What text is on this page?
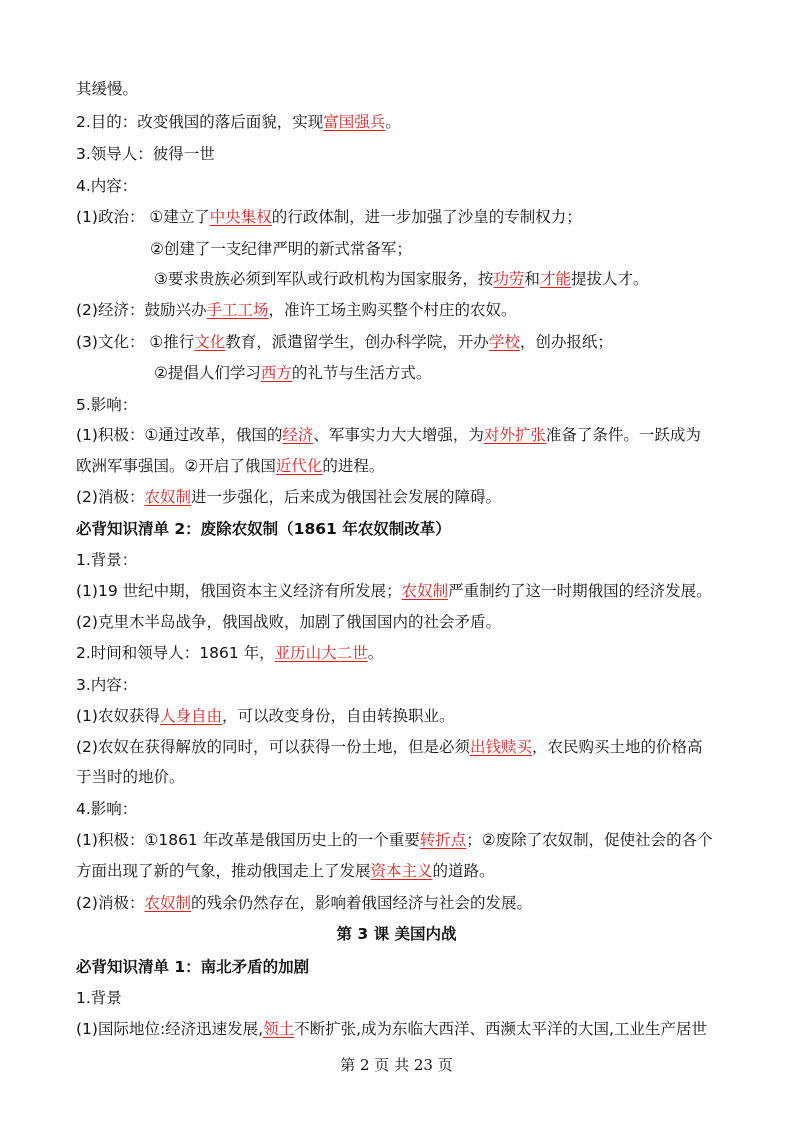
其缓慢。
2.目的：改变俄国的落后面貌，实现富国强兵。
3.领导人：彼得一世
4.内容：
(1)政治： ①建立了中央集权的行政体制，进一步加强了沙皇的专制权力；
②创建了一支纪律严明的新式常备军；
③要求贵族必须到军队或行政机构为国家服务，按功劳和才能提拔人才。
(2)经济：鼓励兴办手工工场，准许工场主购买整个村庄的农奴。
(3)文化： ①推行文化教育，派遣留学生，创办科学院，开办学校，创办报纸；
②提倡人们学习西方的礼节与生活方式。
5.影响：
(1)积极：①通过改革，俄国的经济、军事实力大大增强，为对外扩张准备了条件。一跃成为
欧洲军事强国。②开启了俄国近代化的进程。
(2)消极：农奴制进一步强化，后来成为俄国社会发展的障碍。
必背知识清单 2：废除农奴制（1861 年农奴制改革）
1.背景：
(1)19 世纪中期，俄国资本主义经济有所发展；农奴制严重制约了这一时期俄国的经济发展。
(2)克里木半岛战争，俄国战败，加剧了俄国国内的社会矛盾。
2.时间和领导人：1861 年，亚历山大二世。
3.内容：
(1)农奴获得人身自由，可以改变身份，自由转换职业。
(2)农奴在获得解放的同时，可以获得一份土地，但是必须出钱赎买，农民购买土地的价格高
于当时的地价。
4.影响：
(1)积极：①1861 年改革是俄国历史上的一个重要转折点；②废除了农奴制，促使社会的各个
方面出现了新的气象，推动俄国走上了发展资本主义的道路。
(2)消极：农奴制的残余仍然存在，影响着俄国经济与社会的发展。
第 3 课 美国内战
必背知识清单 1：南北矛盾的加剧
1.背景
(1)国际地位:经济迅速发展,领土不断扩张,成为东临大西洋、西濒太平洋的大国,工业生产居世
第 2 页 共 23 页
